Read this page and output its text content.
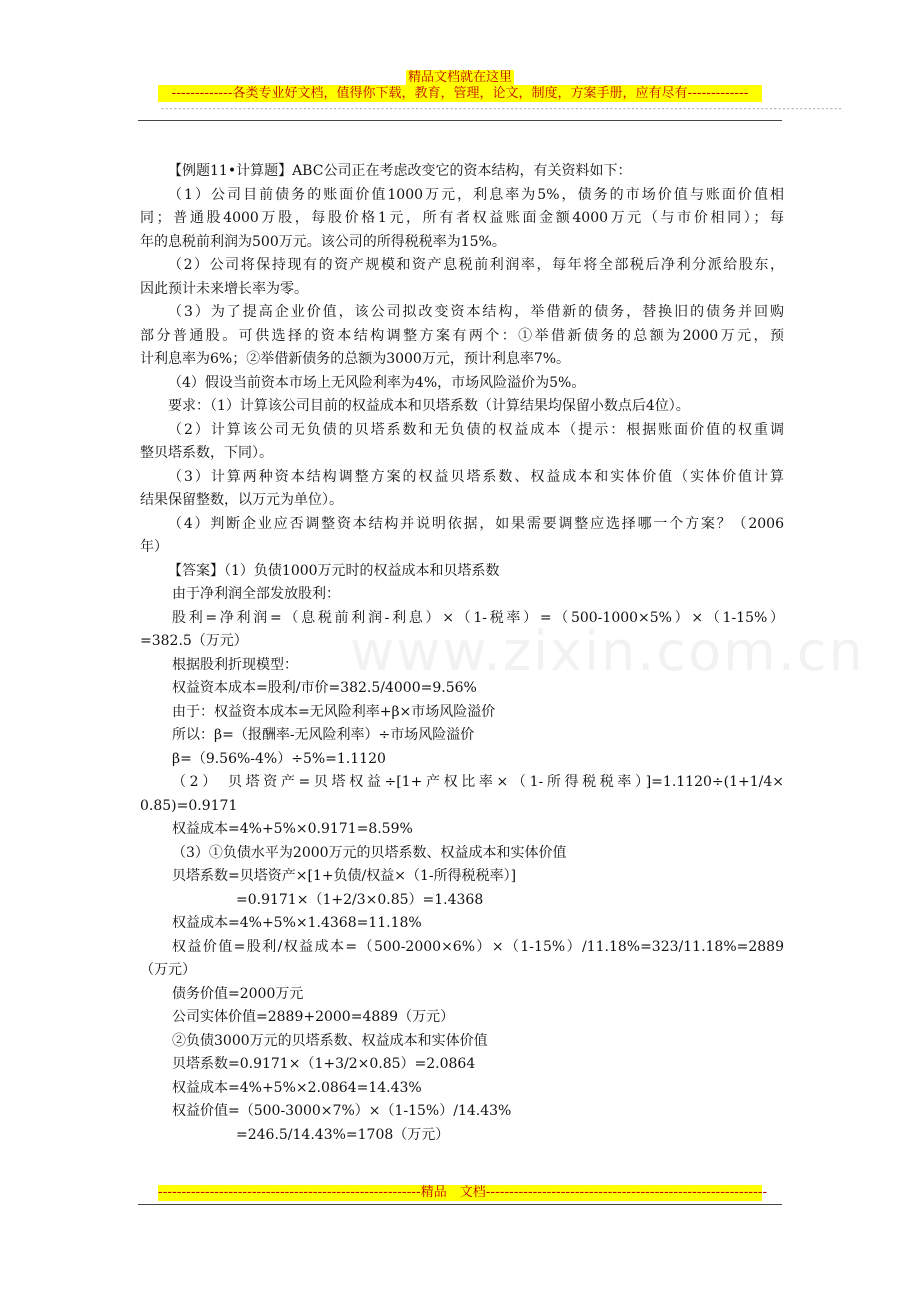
精品文档就在这里
-------------各类专业好文档，值得你下载，教育，管理，论文，制度，方案手册，应有尽有-------------
--------------------------------------------------------------------------------------------------------------------------------------------------------------
www.zixin.com.cn
【例题11•计算题】ABC公司正在考虑改变它的资本结构，有关资料如下：
（1）公司目前债务的账面价值1000万元，利息率为5%，债务的市场价值与账面价值相
同；普通股4000万股，每股价格1元，所有者权益账面金额4000万元（与市价相同）；每
年的息税前利润为500万元。该公司的所得税税率为15%。
（2）公司将保持现有的资产规模和资产息税前利润率，每年将全部税后净利分派给股东，
因此预计未来增长率为零。
（3）为了提高企业价值，该公司拟改变资本结构，举借新的债务，替换旧的债务并回购
部分普通股。可供选择的资本结构调整方案有两个：①举借新债务的总额为2000万元，预
计利息率为6%；②举借新债务的总额为3000万元，预计利息率7%。
（4）假设当前资本市场上无风险利率为4%，市场风险溢价为5%。
要求：（1）计算该公司目前的权益成本和贝塔系数（计算结果均保留小数点后4位）。
（2）计算该公司无负债的贝塔系数和无负债的权益成本（提示：根据账面价值的权重调
整贝塔系数，下同）。
（3）计算两种资本结构调整方案的权益贝塔系数、权益成本和实体价值（实体价值计算
结果保留整数，以万元为单位）。
（4）判断企业应否调整资本结构并说明依据，如果需要调整应选择哪一个方案？（2006
年）
【答案】（1）负债1000万元时的权益成本和贝塔系数
由于净利润全部发放股利：
股利=净利润=（息税前利润-利息）×（1-税率）=（500-1000×5%）×（1-15%）
=382.5（万元）
根据股利折现模型：
权益资本成本=股利/市价=382.5/4000=9.56%
由于：权益资本成本=无风险利率+β×市场风险溢价
所以：β=（报酬率-无风险利率）÷市场风险溢价
β=（9.56%-4%）÷5%=1.1120
（2） 贝塔资产=贝塔权益÷[1+产权比率×（1-所得税税率）]=1.1120÷(1+1/4×
0.85)=0.9171
权益成本=4%+5%×0.9171=8.59%
（3）①负债水平为2000万元的贝塔系数、权益成本和实体价值
贝塔系数=贝塔资产×[1+负债/权益×（1-所得税税率）]
=0.9171×（1+2/3×0.85）=1.4368
权益成本=4%+5%×1.4368=11.18%
权益价值=股利/权益成本=（500-2000×6%）×（1-15%）/11.18%=323/11.18%=2889
（万元）
债务价值=2000万元
公司实体价值=2889+2000=4889（万元）
②负债3000万元的贝塔系数、权益成本和实体价值
贝塔系数=0.9171×（1+3/2×0.85）=2.0864
权益成本=4%+5%×2.0864=14.43%
权益价值=（500-3000×7%）×（1-15%）/14.43%
=246.5/14.43%=1708（万元）
--------------------------------------------------------精品　文档------------------------------------------------------------
